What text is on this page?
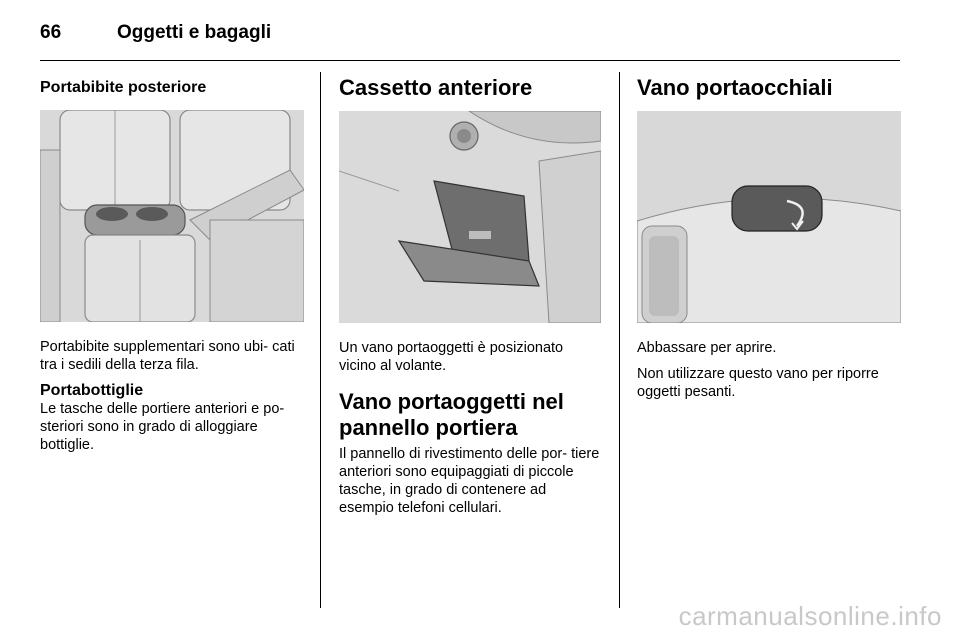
66	Oggetti e bagagli
Portabibite posteriore

Portabibite supplementari sono ubi- cati tra i sedili della terza fila.

Portabottiglie

Le tasche delle portiere anteriori e po- steriori sono in grado di alloggiare bottiglie.

Cassetto anteriore

Un vano portaoggetti è posizionato vicino al volante.

Vano portaoggetti nel pannello portiera

Il pannello di rivestimento delle por- tiere anteriori sono equipaggiati di piccole tasche, in grado di contenere ad esempio telefoni cellulari.

Vano portaocchiali

Abbassare per aprire.

Non utilizzare questo vano per riporre oggetti pesanti.

carmanualsonline.info
